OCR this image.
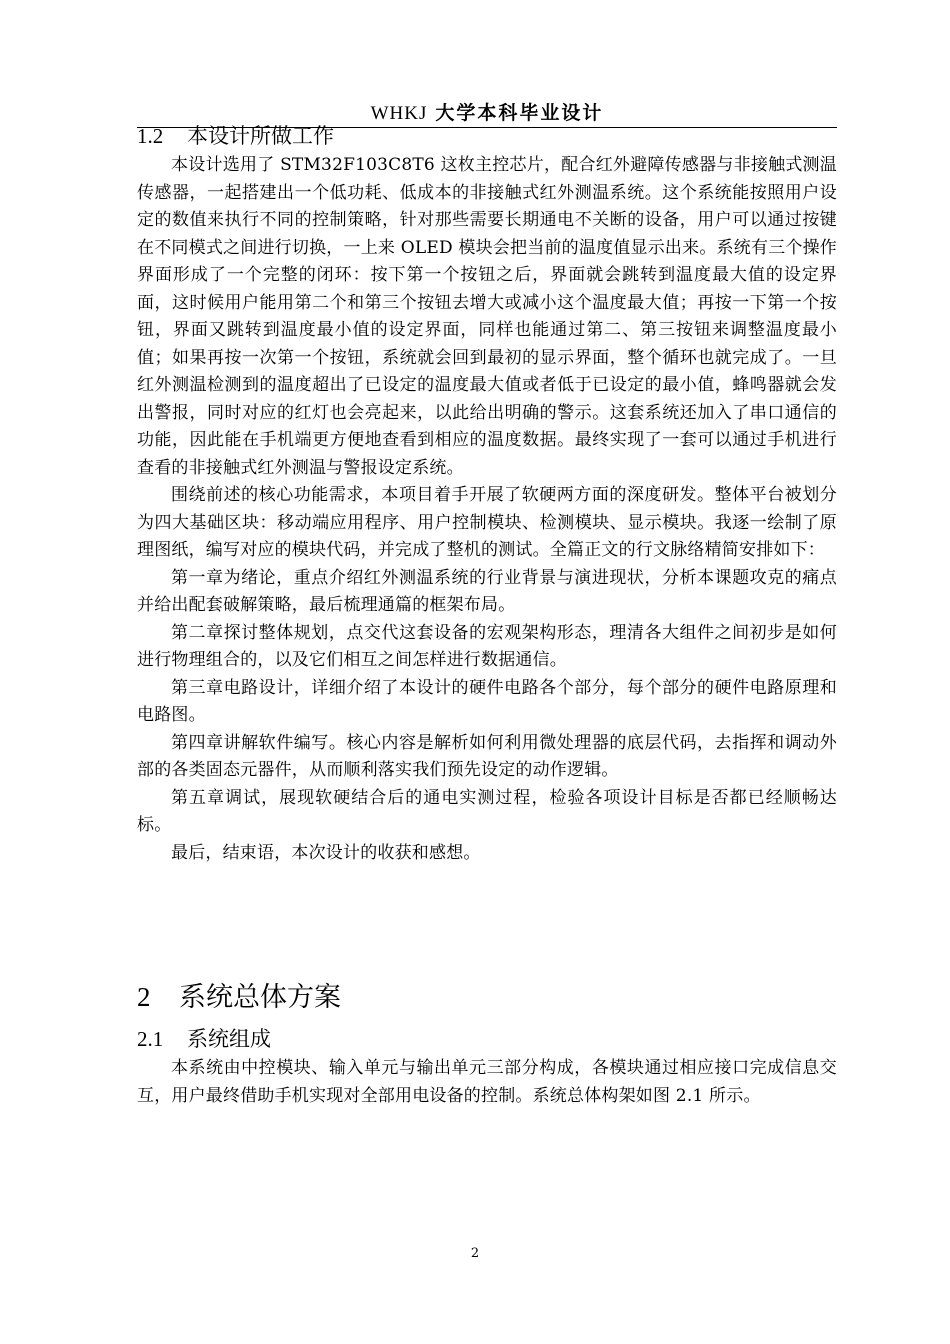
WHKJ 大学本科毕业设计
1.2 本设计所做工作

本设计选用了 STM32F103C8T6 这枚主控芯片，配合红外避障传感器与非接触式测温传感器，一起搭建出一个低功耗、低成本的非接触式红外测温系统。这个系统能按照用户设定的数值来执行不同的控制策略，针对那些需要长期通电不关断的设备，用户可以通过按键在不同模式之间进行切换，一上来 OLED 模块会把当前的温度值显示出来。系统有三个操作界面形成了一个完整的闭环：按下第一个按钮之后，界面就会跳转到温度最大值的设定界面，这时候用户能用第二个和第三个按钮去增大或减小这个温度最大值；再按一下第一个按钮，界面又跳转到温度最小值的设定界面，同样也能通过第二、第三按钮来调整温度最小值；如果再按一次第一个按钮，系统就会回到最初的显示界面，整个循环也就完成了。一旦红外测温检测到的温度超出了已设定的温度最大值或者低于已设定的最小值，蜂鸣器就会发出警报，同时对应的红灯也会亮起来，以此给出明确的警示。这套系统还加入了串口通信的功能，因此能在手机端更方便地查看到相应的温度数据。最终实现了一套可以通过手机进行查看的非接触式红外测温与警报设定系统。

围绕前述的核心功能需求，本项目着手开展了软硬两方面的深度研发。整体平台被划分为四大基础区块：移动端应用程序、用户控制模块、检测模块、显示模块。我逐一绘制了原理图纸，编写对应的模块代码，并完成了整机的测试。全篇正文的行文脉络精简安排如下：

第一章为绪论，重点介绍红外测温系统的行业背景与演进现状，分析本课题攻克的痛点并给出配套破解策略，最后梳理通篇的框架布局。

第二章探讨整体规划，点交代这套设备的宏观架构形态，理清各大组件之间初步是如何进行物理组合的，以及它们相互之间怎样进行数据通信。

第三章电路设计，详细介绍了本设计的硬件电路各个部分，每个部分的硬件电路原理和电路图。

第四章讲解软件编写。核心内容是解析如何利用微处理器的底层代码，去指挥和调动外部的各类固态元器件，从而顺利落实我们预先设定的动作逻辑。

第五章调试，展现软硬结合后的通电实测过程，检验各项设计目标是否都已经顺畅达标。

最后，结束语，本次设计的收获和感想。

2 系统总体方案
2.1 系统组成

本系统由中控模块、输入单元与输出单元三部分构成，各模块通过相应接口完成信息交互，用户最终借助手机实现对全部用电设备的控制。系统总体构架如图 2.1 所示。

2
